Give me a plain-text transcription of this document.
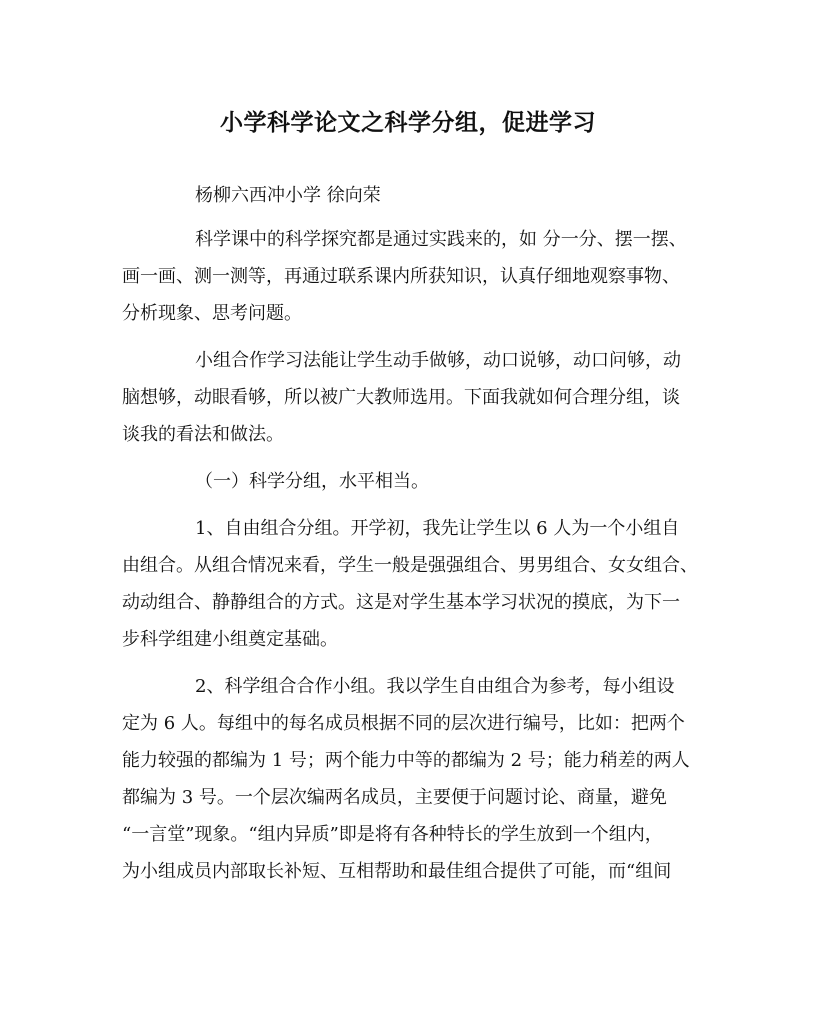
小学科学论文之科学分组，促进学习

杨柳六西冲小学 徐向荣

科学课中的科学探究都是通过实践来的，如 分一分、摆一摆、

画一画、测一测等，再通过联系课内所获知识，认真仔细地观察事物、

分析现象、思考问题。

小组合作学习法能让学生动手做够，动口说够，动口问够，动

脑想够，动眼看够，所以被广大教师选用。下面我就如何合理分组，谈

谈我的看法和做法。

（一）科学分组，水平相当。

1、自由组合分组。开学初，我先让学生以 6 人为一个小组自

由组合。从组合情况来看，学生一般是强强组合、男男组合、女女组合、

动动组合、静静组合的方式。这是对学生基本学习状况的摸底，为下一

步科学组建小组奠定基础。

2、科学组合合作小组。我以学生自由组合为参考，每小组设

定为 6 人。每组中的每名成员根据不同的层次进行编号，比如：把两个

能力较强的都编为 1 号；两个能力中等的都编为 2 号；能力稍差的两人

都编为 3 号。一个层次编两名成员，主要便于问题讨论、商量，避免

“一言堂”现象。“组内异质”即是将有各种特长的学生放到一个组内，

为小组成员内部取长补短、互相帮助和最佳组合提供了可能，而“组间
